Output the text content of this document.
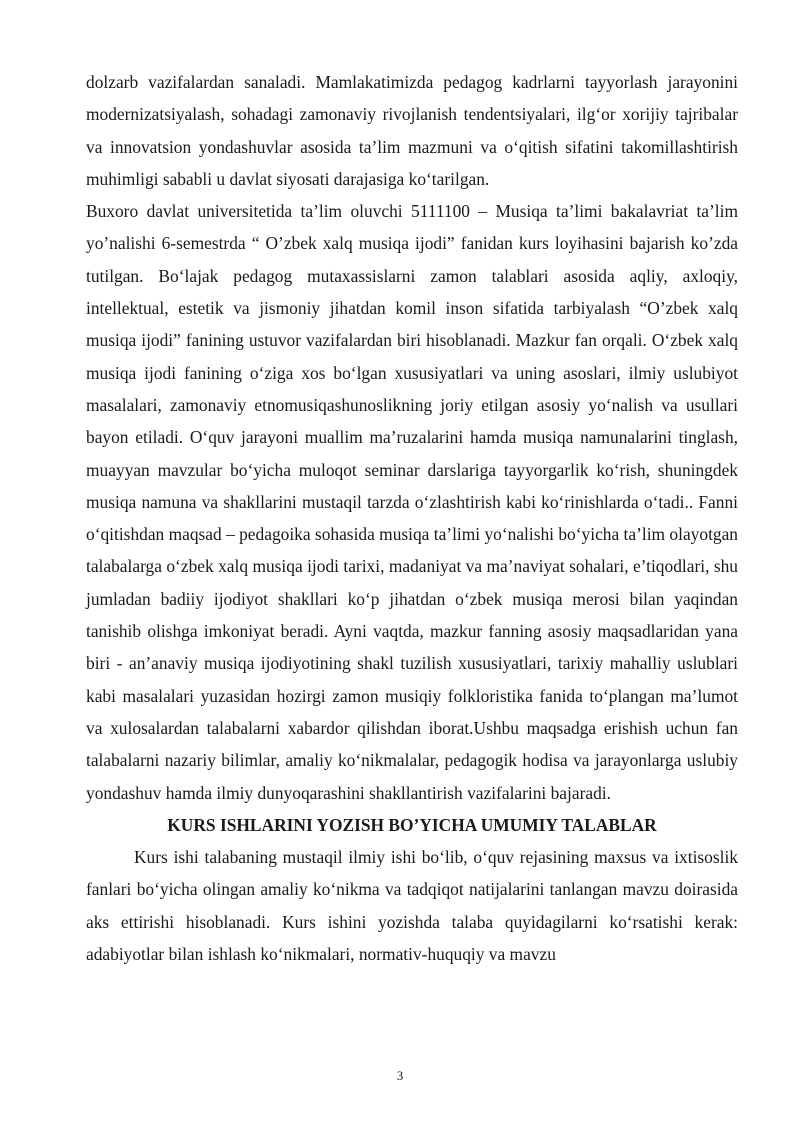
dolzarb vazifalardan sanaladi. Mamlakatimizda pedagog kadrlarni tayyorlash jarayonini modernizatsiyalash, sohadagi zamonaviy rivojlanish tendentsiyalari, ilg‘or xorijiy tajribalar va innovatsion yondashuvlar asosida ta’lim mazmuni va o‘qitish sifatini takomillashtirish muhimligi sababli u davlat siyosati darajasiga ko‘tarilgan.

Buxoro davlat universitetida ta’lim oluvchi 5111100 – Musiqa ta’limi bakalavriat ta’lim yo’nalishi 6-semestrda “ O’zbek xalq musiqa ijodi” fanidan kurs loyihasini bajarish ko’zda tutilgan. Bo‘lajak pedagog mutaxassislarni zamon talablari asosida aqliy, axloqiy, intellektual, estetik va jismoniy jihatdan komil inson sifatida tarbiyalash “O’zbek xalq musiqa ijodi” fanining ustuvor vazifalardan biri hisoblanadi. Mazkur fan orqali. O‘zbek xalq musiqa ijodi fanining o‘ziga xos bo‘lgan xususiyatlari va uning asoslari, ilmiy uslubiyot masalalari, zamonaviy etnomusiqashunoslikning joriy etilgan asosiy yo‘nalish va usullari bayon etiladi. O‘quv jarayoni muallim ma’ruzalarini hamda musiqa namunalarini tinglash, muayyan mavzular bo‘yicha muloqot seminar darslariga tayyorgarlik ko‘rish, shuningdek musiqa namuna va shakllarini mustaqil tarzda o‘zlashtirish kabi ko‘rinishlarda o‘tadi.. Fanni o‘qitishdan maqsad – pedagoika sohasida musiqa ta’limi yo‘nalishi bo‘yicha ta’lim olayotgan talabalarga o‘zbek xalq musiqa ijodi tarixi, madaniyat va ma’naviyat sohalari, e’tiqodlari, shu jumladan badiiy ijodiyot shakllari ko‘p jihatdan o‘zbek musiqa merosi bilan yaqindan tanishib olishga imkoniyat beradi. Ayni vaqtda, mazkur fanning asosiy maqsadlaridan yana biri - an’anaviy musiqa ijodiyotining shakl tuzilish xususiyatlari, tarixiy mahalliy uslublari kabi masalalari yuzasidan hozirgi zamon musiqiy folkloristika fanida to‘plangan ma’lumot va xulosalardan talabalarni xabardor qilishdan iborat.Ushbu maqsadga erishish uchun fan talabalarni nazariy bilimlar, amaliy ko‘nikmalalar, pedagogik hodisa va jarayonlarga uslubiy yondashuv hamda ilmiy dunyoqarashini shakllantirish vazifalarini bajaradi.

KURS ISHLARINI YOZISH BO’YICHA UMUMIY TALABLAR

Kurs ishi talabaning mustaqil ilmiy ishi bo‘lib, o‘quv rejasining maxsus va ixtisoslik fanlari bo‘yicha olingan amaliy ko‘nikma va tadqiqot natijalarini tanlangan mavzu doirasida aks ettirishi hisoblanadi. Kurs ishini yozishda talaba quyidagilarni ko‘rsatishi kerak: adabiyotlar bilan ishlash ko‘nikmalari, normativ-huquqiy va mavzu

3
